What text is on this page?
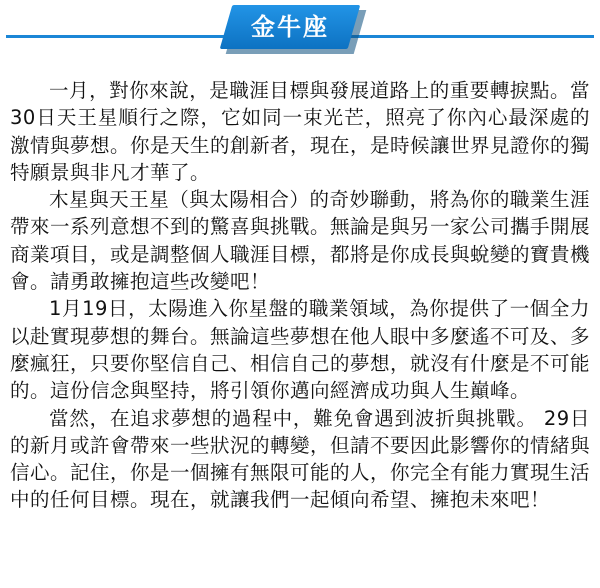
金牛座

一月，對你來說，是職涯目標與發展道路上的重要轉捩點。當30日天王星順行之際，它如同一束光芒，照亮了你內心最深處的激情與夢想。你是天生的創新者，現在，是時候讓世界見證你的獨特願景與非凡才華了。

木星與天王星（與太陽相合）的奇妙聯動，將為你的職業生涯帶來一系列意想不到的驚喜與挑戰。無論是與另一家公司攜手開展商業項目，或是調整個人職涯目標，都將是你成長與蛻變的寶貴機會。請勇敢擁抱這些改變吧！

1月19日，太陽進入你星盤的職業領域，為你提供了一個全力以赴實現夢想的舞台。無論這些夢想在他人眼中多麼遙不可及、多麼瘋狂，只要你堅信自己、相信自己的夢想，就沒有什麼是不可能的。這份信念與堅持，將引領你邁向經濟成功與人生巔峰。

當然，在追求夢想的過程中，難免會遇到波折與挑戰。 29日的新月或許會帶來一些狀況的轉變，但請不要因此影響你的情緒與信心。記住，你是一個擁有無限可能的人，你完全有能力實現生活中的任何目標。現在，就讓我們一起傾向希望、擁抱未來吧！
